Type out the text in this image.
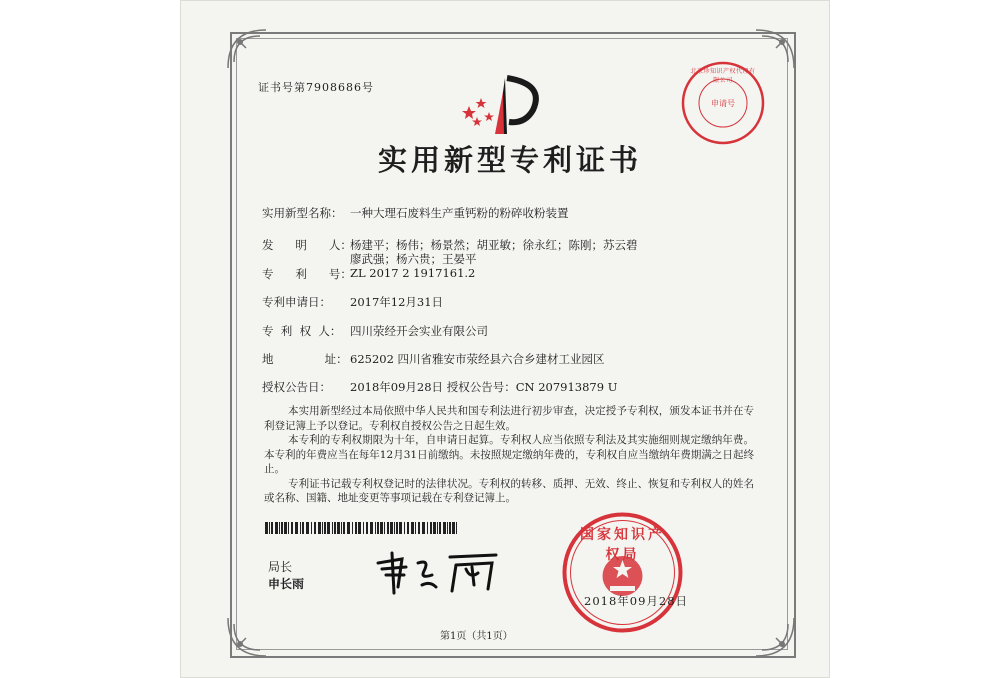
证书号第7908686号
实用新型专利证书
北京珍知识产权代理有限公司
申请号
实用新型名称： 一种大理石废料生产重钙粉的粉碎收粉装置
发      明      人：
杨建平；杨伟；杨景然；胡亚敏；徐永红；陈刚；苏云碧
廖武强；杨六贵；王晏平
专      利      号：
ZL 2017 2 1917161.2
专利申请日：	2017年12月31日
专  利  权  人： 四川荥经开会实业有限公司
地              址： 625202 四川省雅安市荥经县六合乡建材工业园区
授权公告日：	2018年09月28日 授权公告号：CN 207913879 U

本实用新型经过本局依照中华人民共和国专利法进行初步审查，决定授予专利权，颁发本证书并在专利登记簿上予以登记。专利权自授权公告之日起生效。

本专利的专利权期限为十年，自申请日起算。专利权人应当依照专利法及其实施细则规定缴纳年费。本专利的年费应当在每年12月31日前缴纳。未按照规定缴纳年费的，专利权自应当缴纳年费期满之日起终止。

专利证书记载专利权登记时的法律状况。专利权的转移、质押、无效、终止、恢复和专利权人的姓名或名称、国籍、地址变更等事项记载在专利登记簿上。

局长
申长雨
国家知识产权局
2018年09月28日
第1页（共1页）
